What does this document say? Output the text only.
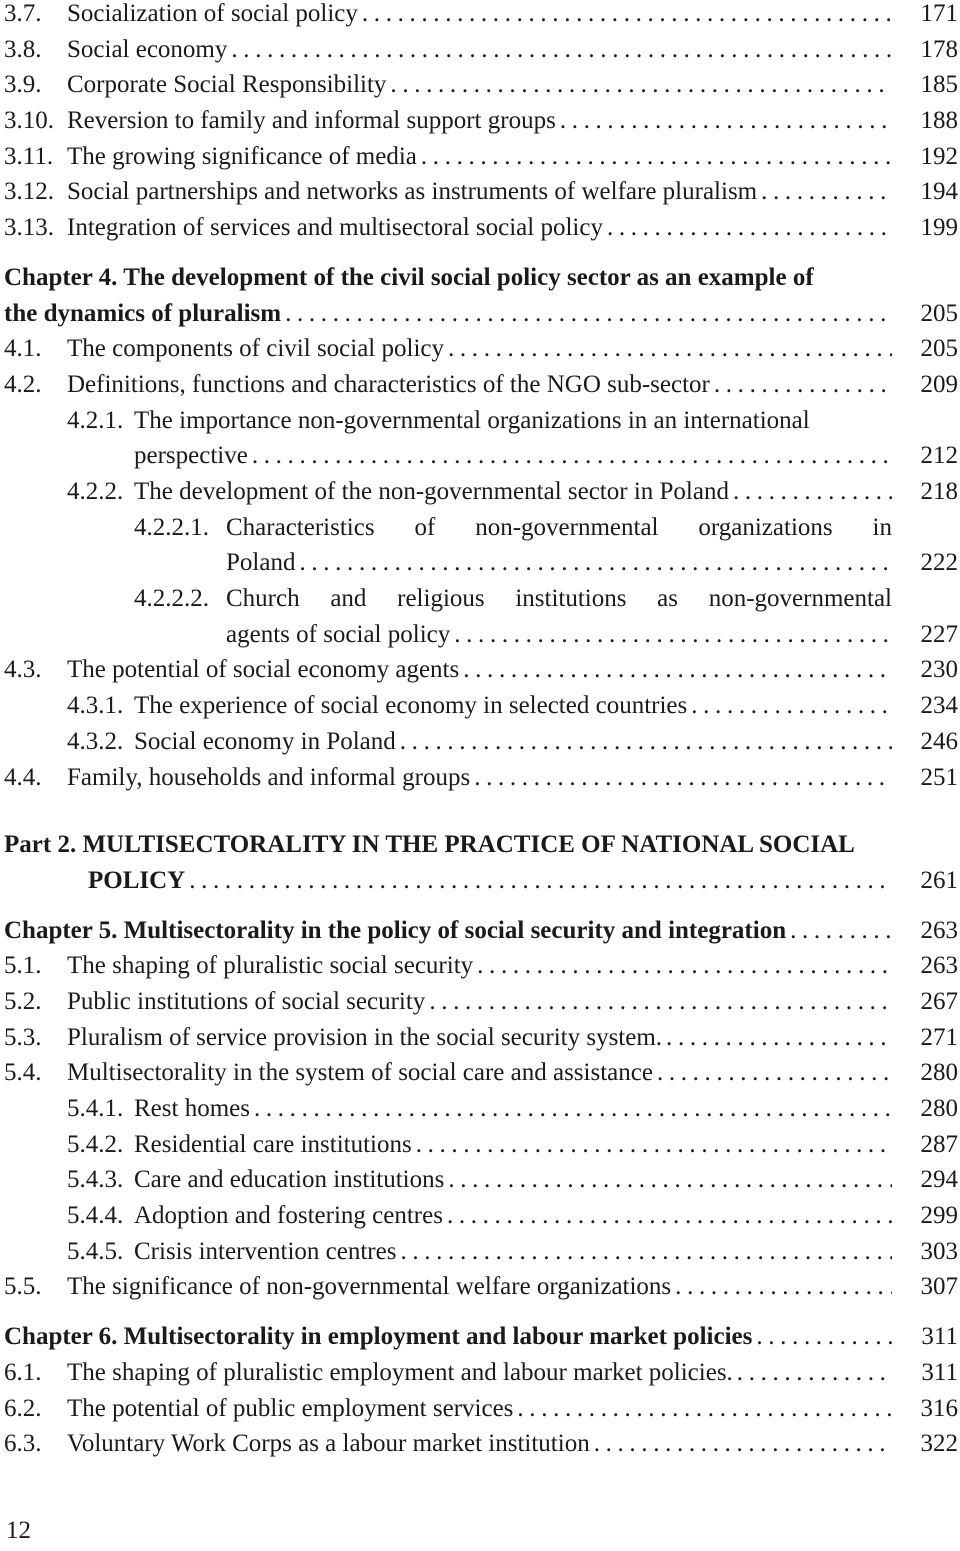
3.7. Socialization of social policy . . .	171
3.8. Social economy . . .	178
3.9. Corporate Social Responsibility . . .	185
3.10. Reversion to family and informal support groups . . .	188
3.11. The growing significance of media . . .	192
3.12. Social partnerships and networks as instruments of welfare pluralism . . .	194
3.13. Integration of services and multisectoral social policy . . .	199
Chapter 4. The development of the civil social policy sector as an example of
the dynamics of pluralism . . .	205
4.1. The components of civil social policy . . .	205
4.2. Definitions, functions and characteristics of the NGO sub-sector . . .	209
4.2.1. The importance non-governmental organizations in an international
perspective . . .	212
4.2.2. The development of the non-governmental sector in Poland . . .	218
4.2.2.1. Characteristics of non-governmental organizations in
Poland . . .	222
4.2.2.2. Church and religious institutions as non-governmental
agents of social policy . . .	227
4.3. The potential of social economy agents . . .	230
4.3.1. The experience of social economy in selected countries . . .	234
4.3.2. Social economy in Poland . . .	246
4.4. Family, households and informal groups . . .	251
Part 2. MULTISECTORALITY IN THE PRACTICE OF NATIONAL SOCIAL
POLICY . . .	261
Chapter 5. Multisectorality in the policy of social security and integration . . .	263
5.1. The shaping of pluralistic social security . . .	263
5.2. Public institutions of social security . . .	267
5.3. Pluralism of service provision in the social security system. . . .	271
5.4. Multisectorality in the system of social care and assistance . . .	280
5.4.1. Rest homes . . .	280
5.4.2. Residential care institutions . . .	287
5.4.3. Care and education institutions . . .	294
5.4.4. Adoption and fostering centres . . .	299
5.4.5. Crisis intervention centres . . .	303
5.5. The significance of non-governmental welfare organizations . . .	307
Chapter 6. Multisectorality in employment and labour market policies . . .	311
6.1. The shaping of pluralistic employment and labour market policies. . . .	311
6.2. The potential of public employment services . . .	316
6.3. Voluntary Work Corps as a labour market institution . . .	322
12
